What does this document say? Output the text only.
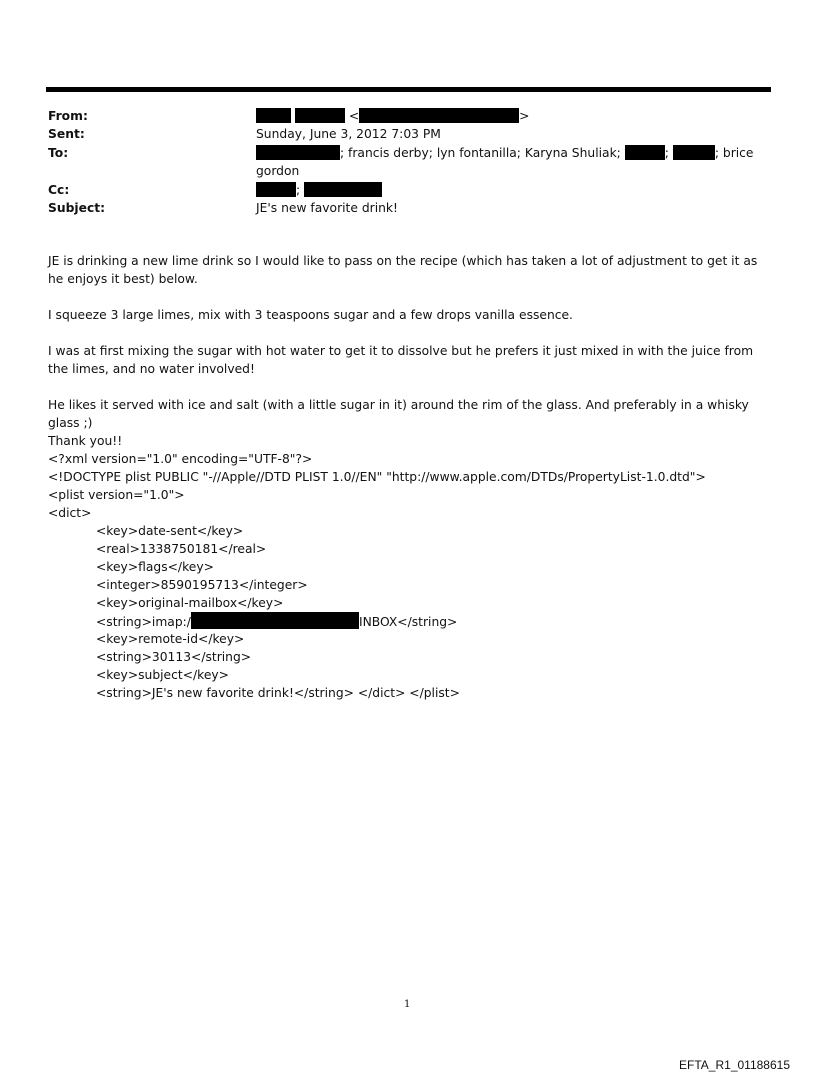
From:	<	>
Sent:	Sunday, June 3, 2012 7:03 PM
To:	; francis derby; lyn fontanilla; Karyna Shuliak;	;	; brice
gordon
Cc:	;
Subject:	JE's new favorite drink!
JE is drinking a new lime drink so I would like to pass on the recipe (which has taken a lot of adjustment to get it as he enjoys it best) below.
I squeeze 3 large limes, mix with 3 teaspoons sugar and a few drops vanilla essence.
I was at first mixing the sugar with hot water to get it to dissolve but he prefers it just mixed in with the juice from the limes, and no water involved!
He likes it served with ice and salt (with a little sugar in it) around the rim of the glass. And preferably in a whisky glass ;)
Thank you!!
<?xml version="1.0" encoding="UTF-8"?>
<!DOCTYPE plist PUBLIC "-//Apple//DTD PLIST 1.0//EN" "http://www.apple.com/DTDs/PropertyList-1.0.dtd">
<plist version="1.0">
<dict>
<key>date-sent</key>
<real>1338750181</real>
<key>flags</key>
<integer>8590195713</integer>
<key>original-mailbox</key>
<string>imap:/	INBOX</string>
<key>remote-id</key>
<string>30113</string>
<key>subject</key>
<string>JE's new favorite drink!</string> </dict> </plist>
1
EFTA_R1_01188615
